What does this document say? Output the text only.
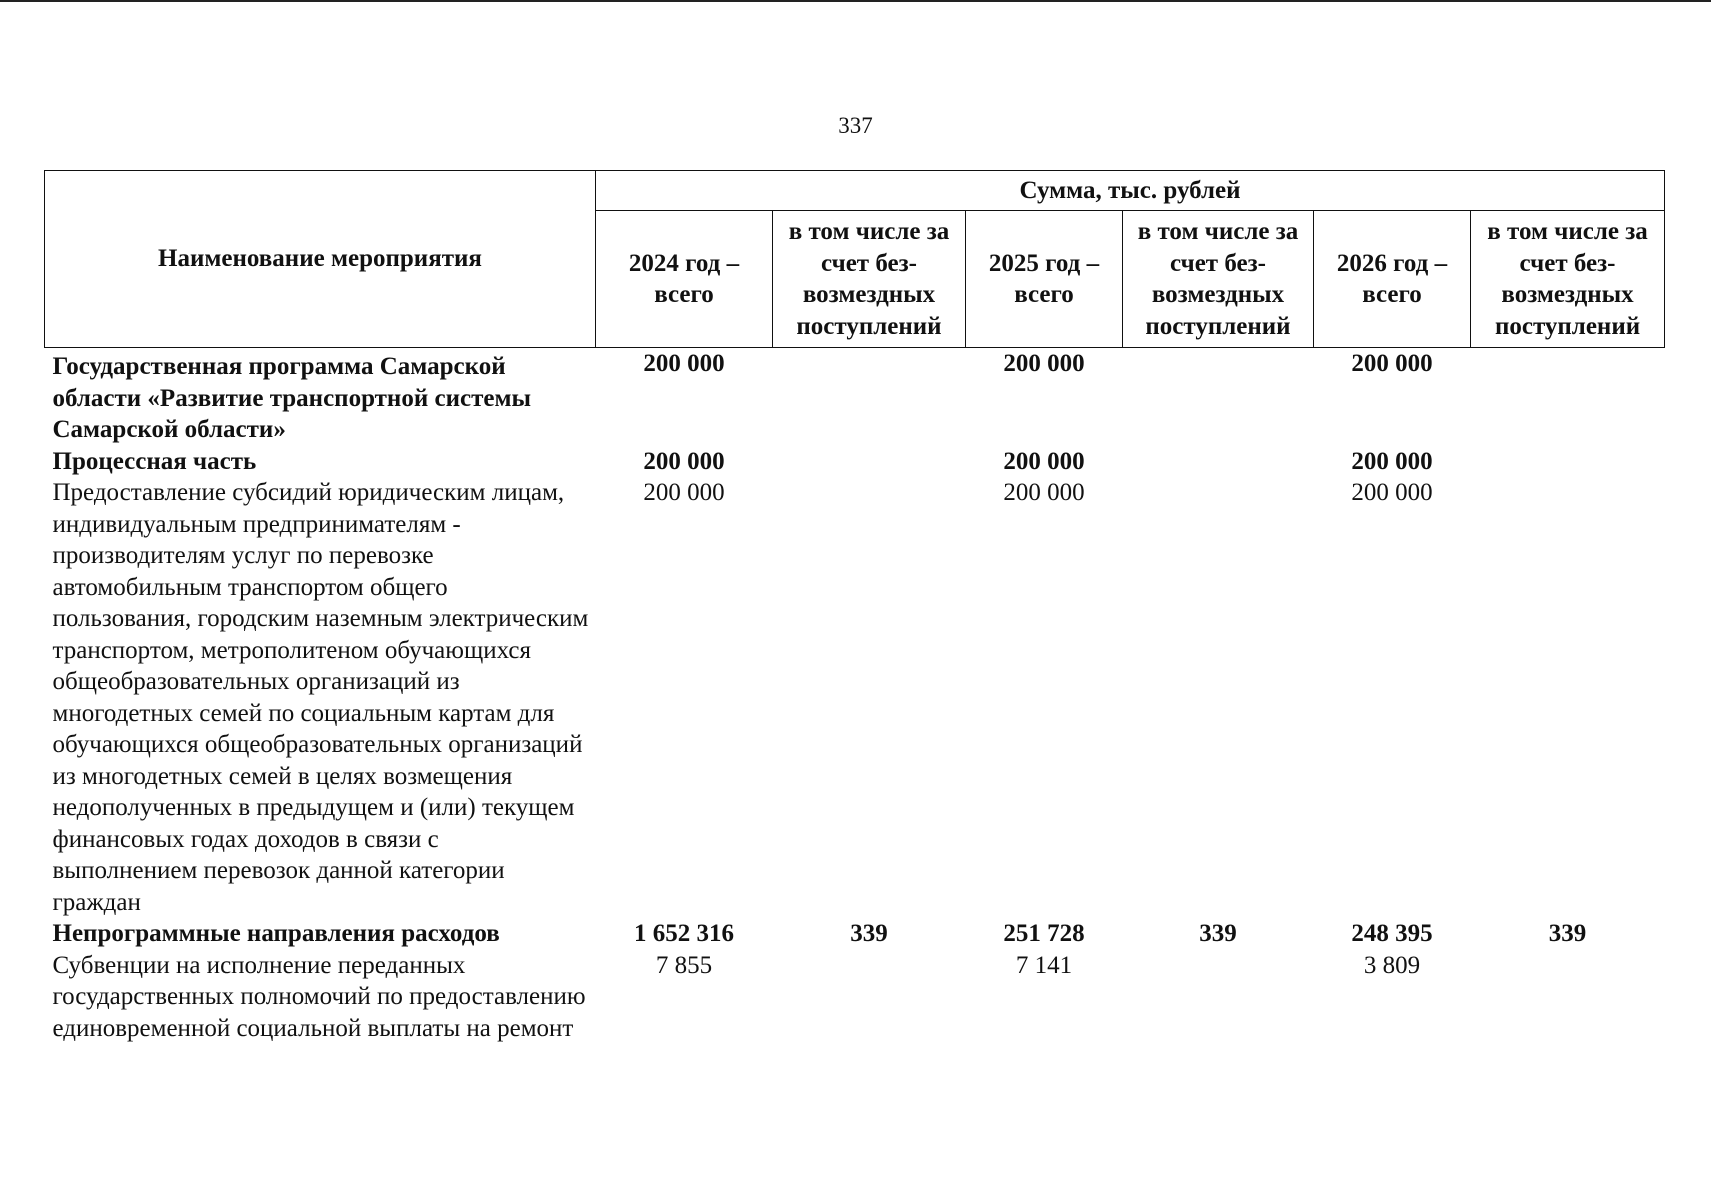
337
Наименование мероприятия	Сумма, тыс. рублей					
	2024 год – всего	в том числе за счет без-возмездных поступлений	2025 год – всего	в том числе за счет без-возмездных поступлений	2026 год – всего	в том числе за счет без-возмездных поступлений
Государственная программа Самарской области «Развитие транспортной системы Самарской области»	200 000		200 000		200 000	
Процессная часть	200 000		200 000		200 000	
Предоставление субсидий юридическим лицам, индивидуальным предпринимателям - производителям услуг по перевозке автомобильным транспортом общего пользования, городским наземным электрическим транспортом, метрополитеном обучающихся общеобразовательных организаций из многодетных семей по социальным картам для обучающихся общеобразовательных организаций из многодетных семей в целях возмещения недополученных в предыдущем и (или) текущем финансовых годах доходов в связи с выполнением перевозок данной категории граждан	200 000		200 000		200 000	
Непрограммные направления расходов	1 652 316	339	251 728	339	248 395	339
Субвенции на исполнение переданных государственных полномочий по предоставлению единовременной социальной выплаты на ремонт	7 855		7 141		3 809	
